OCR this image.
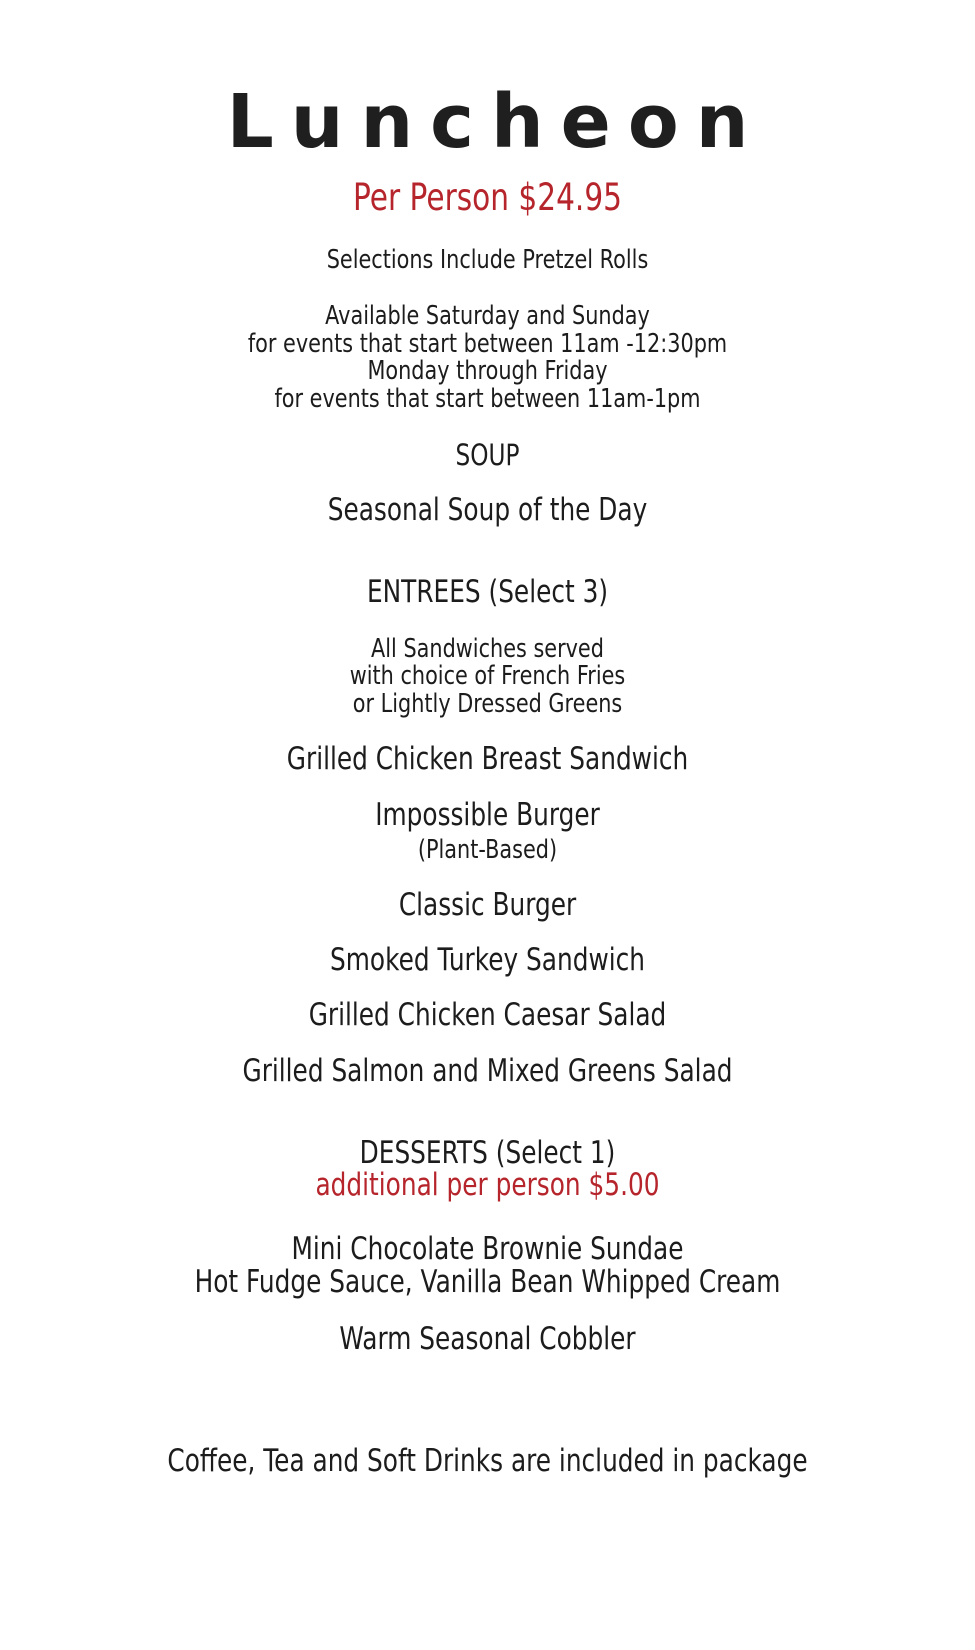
Luncheon
Per Person $24.95
Selections Include Pretzel Rolls
Available Saturday and Sunday
for events that start between 11am -12:30pm
Monday through Friday
for events that start between 11am-1pm
SOUP
Seasonal Soup of the Day
ENTREES (Select 3)
All Sandwiches served
with choice of French Fries
or Lightly Dressed Greens
Grilled Chicken Breast Sandwich
Impossible Burger
(Plant-Based)
Classic Burger
Smoked Turkey Sandwich
Grilled Chicken Caesar Salad
Grilled Salmon and Mixed Greens Salad
DESSERTS (Select 1)
additional per person $5.00
Mini Chocolate Brownie Sundae
Hot Fudge Sauce, Vanilla Bean Whipped Cream
Warm Seasonal Cobbler
Coffee, Tea and Soft Drinks are included in package
